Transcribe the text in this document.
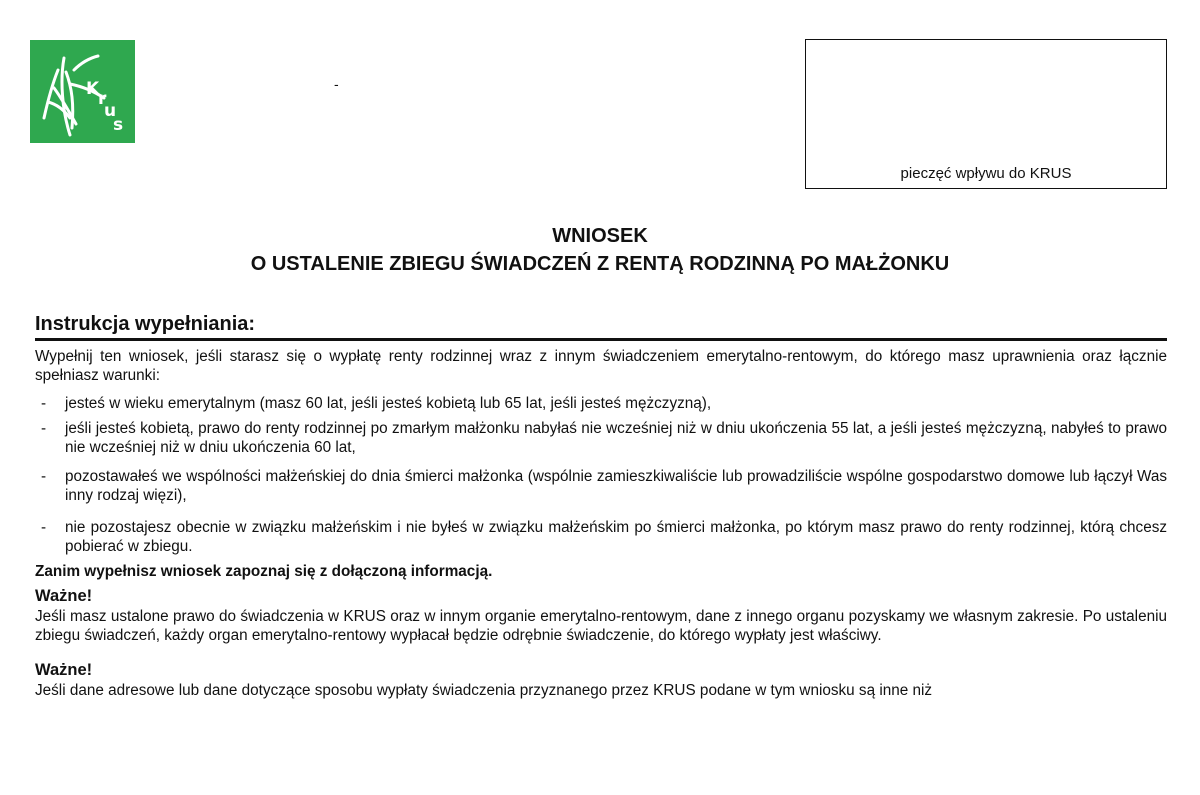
K
r
u
s
-
pieczęć wpływu do KRUS
WNIOSEK
O USTALENIE ZBIEGU ŚWIADCZEŃ Z RENTĄ RODZINNĄ PO MAŁŻONKU
Instrukcja wypełniania:

Wypełnij ten wniosek, jeśli starasz się o wypłatę renty rodzinnej wraz z innym świadczeniem emerytalno-rentowym, do którego masz uprawnienia oraz łącznie spełniasz warunki:

- jesteś w wieku emerytalnym (masz 60 lat, jeśli jesteś kobietą lub 65 lat, jeśli jesteś mężczyzną),
- jeśli jesteś kobietą, prawo do renty rodzinnej po zmarłym małżonku nabyłaś nie wcześniej niż w dniu ukończenia 55 lat, a jeśli jesteś mężczyzną, nabyłeś to prawo nie wcześniej niż w dniu ukończenia 60 lat,
- pozostawałeś we wspólności małżeńskiej do dnia śmierci małżonka (wspólnie zamieszkiwaliście lub prowadziliście wspólne gospodarstwo domowe lub łączył Was inny rodzaj więzi),
- nie pozostajesz obecnie w związku małżeńskim i nie byłeś w związku małżeńskim po śmierci małżonka, po którym masz prawo do renty rodzinnej, którą chcesz pobierać w zbiegu.

Zanim wypełnisz wniosek zapoznaj się z dołączoną informacją.

Ważne!

Jeśli masz ustalone prawo do świadczenia w KRUS oraz w innym organie emerytalno-rentowym, dane z innego organu pozyskamy we własnym zakresie. Po ustaleniu zbiegu świadczeń, każdy organ emerytalno-rentowy wypłacał będzie odrębnie świadczenie, do którego wypłaty jest właściwy.

Ważne!

Jeśli dane adresowe lub dane dotyczące sposobu wypłaty świadczenia przyznanego przez KRUS podane w tym wniosku są inne niż
